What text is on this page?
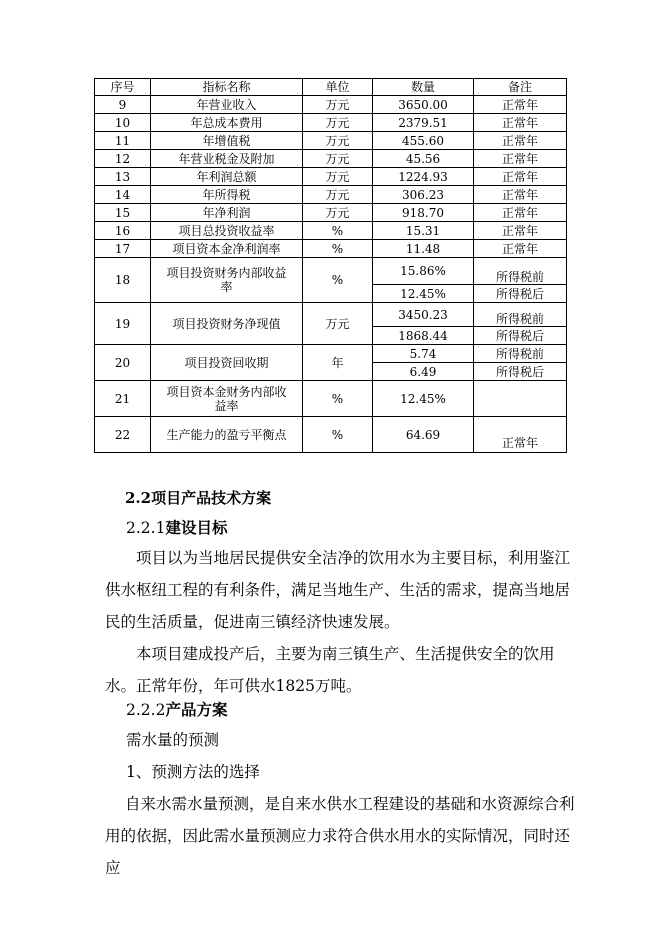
序号	指标名称	单位	数量	备注
9	年营业收入	万元	3650.00	正常年
10	年总成本费用	万元	2379.51	正常年
11	年增值税	万元	455.60	正常年
12	年营业税金及附加	万元	45.56	正常年
13	年利润总额	万元	1224.93	正常年
14	年所得税	万元	306.23	正常年
15	年净利润	万元	918.70	正常年
16	项目总投资收益率	%	15.31	正常年
17	项目资本金净利润率	%	11.48	正常年
18	项目投资财务内部收益率	%	15.86%	所得税前
			12.45%	所得税后
19	项目投资财务净现值	万元	3450.23	所得税前
			1868.44	所得税后
20	项目投资回收期	年	5.74	所得税前
			6.49	所得税后
21	项目资本金财务内部收益率	%	12.45%	
22	生产能力的盈亏平衡点	%	64.69	正常年
2.2项目产品技术方案
2.2.1建设目标

项目以为当地居民提供安全洁净的饮用水为主要目标，利用鉴江供水枢纽工程的有利条件，满足当地生产、生活的需求，提高当地居民的生活质量，促进南三镇经济快速发展。

本项目建成投产后，主要为南三镇生产、生活提供安全的饮用水。正常年份，年可供水1825万吨。

2.2.2产品方案
需水量的预测
1、预测方法的选择

自来水需水量预测，是自来水供水工程建设的基础和水资源综合利用的依据，因此需水量预测应力求符合供水用水的实际情况，同时还应
